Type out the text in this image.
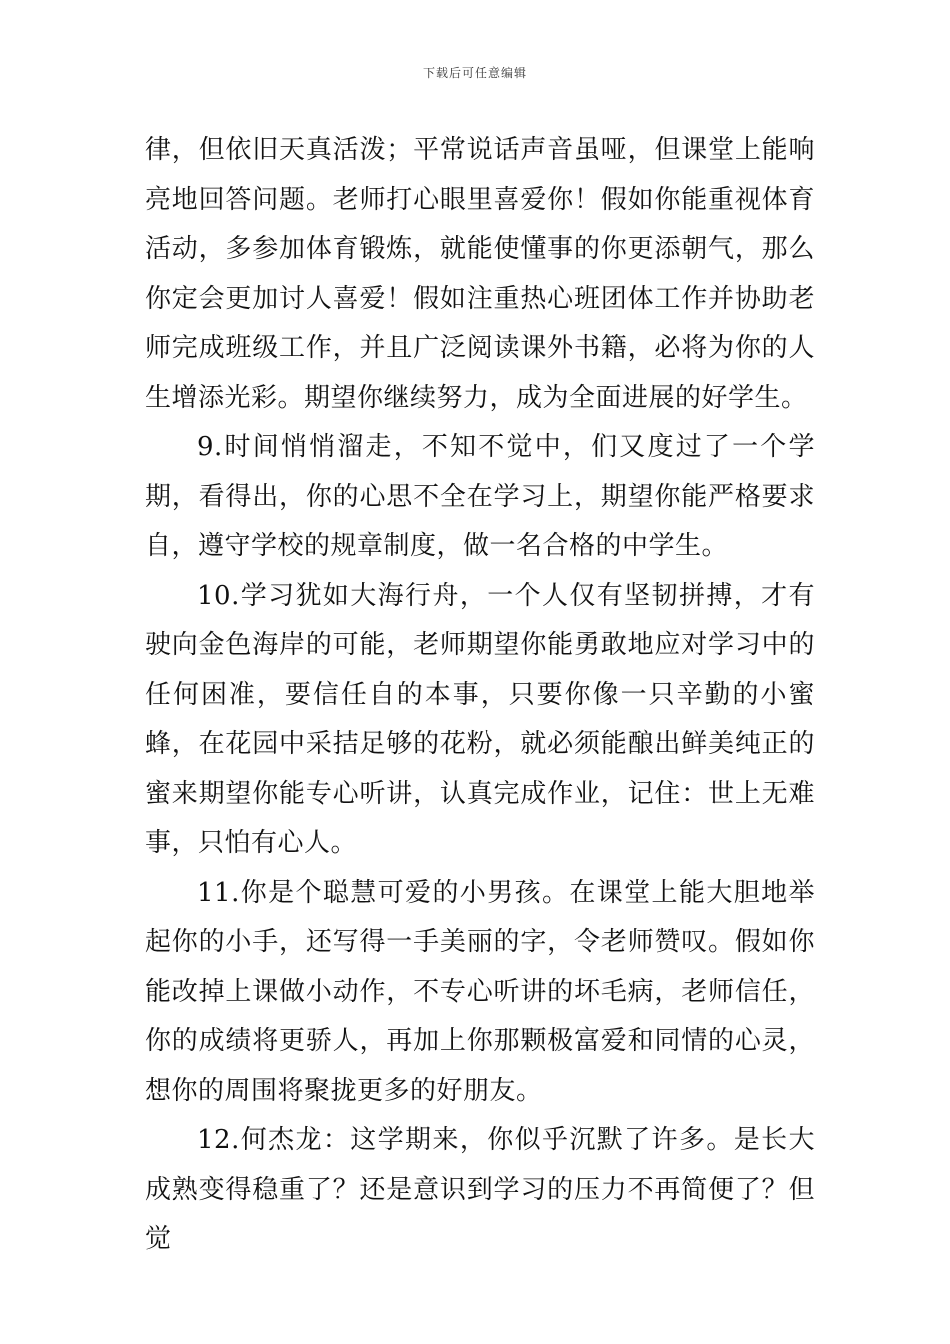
下载后可任意编辑

律，但依旧天真活泼；平常说话声音虽哑，但课堂上能响亮地回答问题。老师打心眼里喜爱你！假如你能重视体育活动，多参加体育锻炼，就能使懂事的你更添朝气，那么你定会更加讨人喜爱！假如注重热心班团体工作并协助老师完成班级工作，并且广泛阅读课外书籍，必将为你的人生增添光彩。期望你继续努力，成为全面进展的好学生。

9.时间悄悄溜走，不知不觉中，们又度过了一个学期，看得出，你的心思不全在学习上，期望你能严格要求自，遵守学校的规章制度，做一名合格的中学生。

10.学习犹如大海行舟，一个人仅有坚韧拼搏，才有驶向金色海岸的可能，老师期望你能勇敢地应对学习中的任何困准，要信任自的本事，只要你像一只辛勤的小蜜蜂，在花园中采拮足够的花粉，就必须能酿出鲜美纯正的蜜来期望你能专心听讲，认真完成作业，记住：世上无难事，只怕有心人。

11.你是个聪慧可爱的小男孩。在课堂上能大胆地举起你的小手，还写得一手美丽的字，令老师赞叹。假如你能改掉上课做小动作，不专心听讲的坏毛病，老师信任，你的成绩将更骄人，再加上你那颗极富爱和同情的心灵，想你的周围将聚拢更多的好朋友。

12.何杰龙：这学期来，你似乎沉默了许多。是长大成熟变得稳重了？还是意识到学习的压力不再简便了？但觉
